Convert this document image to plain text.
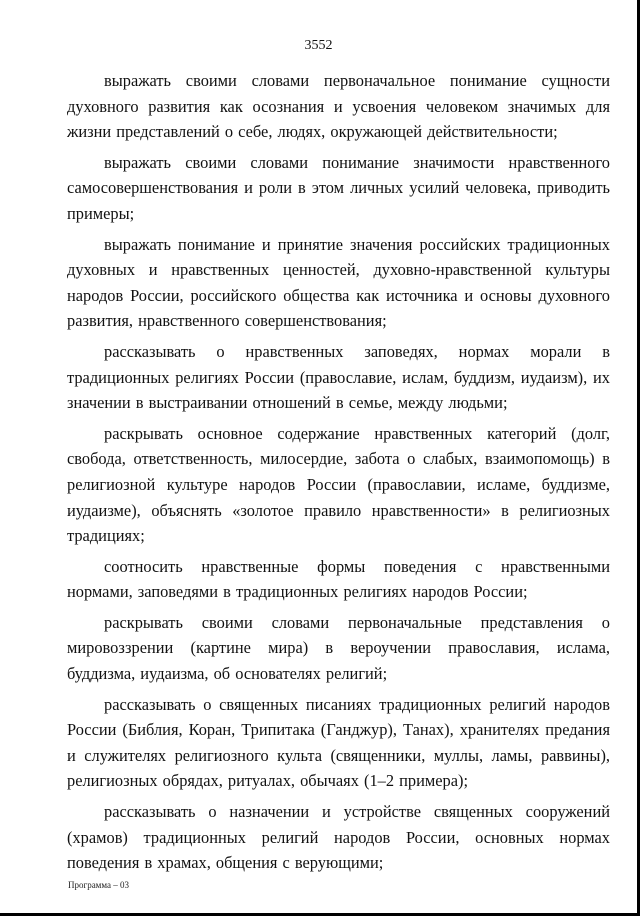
3552

выражать своими словами первоначальное понимание сущности духовного развития как осознания и усвоения человеком значимых для жизни представлений о себе, людях, окружающей действительности;

выражать своими словами понимание значимости нравственного самосовершенствования и роли в этом личных усилий человека, приводить примеры;

выражать понимание и принятие значения российских традиционных духовных и нравственных ценностей, духовно-нравственной культуры народов России, российского общества как источника и основы духовного развития, нравственного совершенствования;

рассказывать о нравственных заповедях, нормах морали в традиционных религиях России (православие, ислам, буддизм, иудаизм), их значении в выстраивании отношений в семье, между людьми;

раскрывать основное содержание нравственных категорий (долг, свобода, ответственность, милосердие, забота о слабых, взаимопомощь) в религиозной культуре народов России (православии, исламе, буддизме, иудаизме), объяснять «золотое правило нравственности» в религиозных традициях;

соотносить нравственные формы поведения с нравственными нормами, заповедями в традиционных религиях народов России;

раскрывать своими словами первоначальные представления о мировоззрении (картине мира) в вероучении православия, ислама, буддизма, иудаизма, об основателях религий;

рассказывать о священных писаниях традиционных религий народов России (Библия, Коран, Трипитака (Ганджур), Танах), хранителях предания и служителях религиозного культа (священники, муллы, ламы, раввины), религиозных обрядах, ритуалах, обычаях (1–2 примера);

рассказывать о назначении и устройстве священных сооружений (храмов) традиционных религий народов России, основных нормах поведения в храмах, общения с верующими;

Программа – 03
